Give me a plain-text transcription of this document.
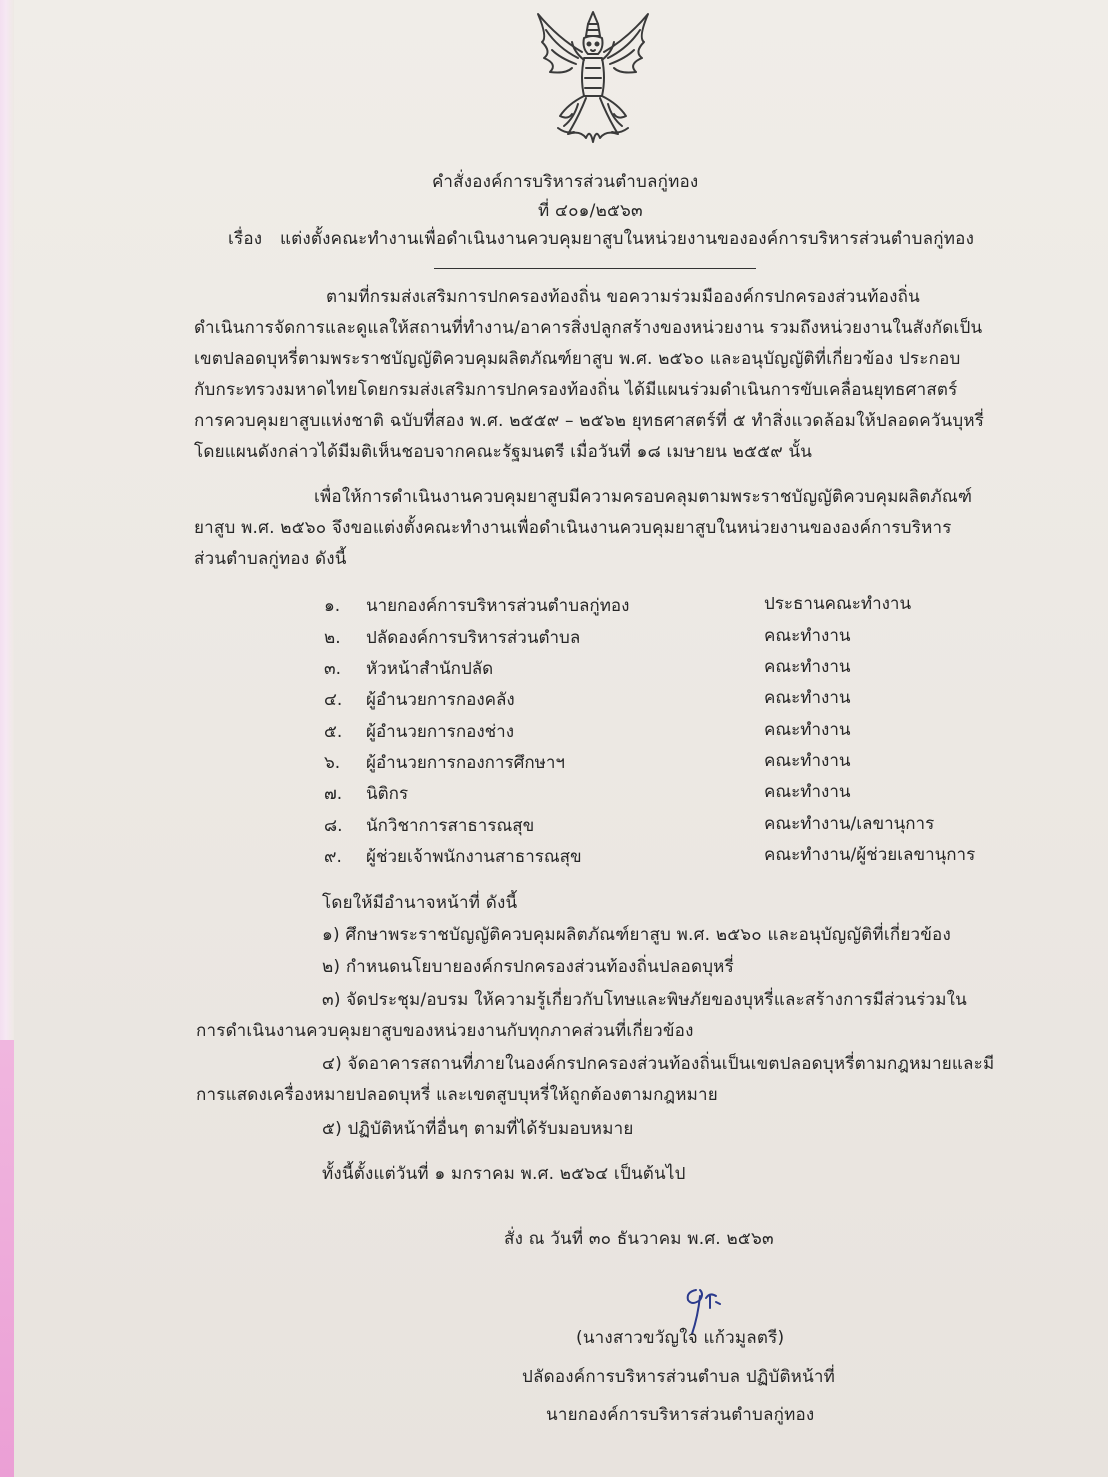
คำสั่งองค์การบริหารส่วนตำบลกู่ทอง
ที่ ๔๐๑/๒๕๖๓
เรื่อง แต่งตั้งคณะทำงานเพื่อดำเนินงานควบคุมยาสูบในหน่วยงานขององค์การบริหารส่วนตำบลกู่ทอง
ตามที่กรมส่งเสริมการปกครองท้องถิ่น ขอความร่วมมือองค์กรปกครองส่วนท้องถิ่น
ดำเนินการจัดการและดูแลให้สถานที่ทำงาน/อาคารสิ่งปลูกสร้างของหน่วยงาน รวมถึงหน่วยงานในสังกัดเป็น
เขตปลอดบุหรี่ตามพระราชบัญญัติควบคุมผลิตภัณฑ์ยาสูบ พ.ศ. ๒๕๖๐ และอนุบัญญัติที่เกี่ยวข้อง ประกอบ
กับกระทรวงมหาดไทยโดยกรมส่งเสริมการปกครองท้องถิ่น ได้มีแผนร่วมดำเนินการขับเคลื่อนยุทธศาสตร์
การควบคุมยาสูบแห่งชาติ ฉบับที่สอง พ.ศ. ๒๕๕๙ – ๒๕๖๒ ยุทธศาสตร์ที่ ๕ ทำสิ่งแวดล้อมให้ปลอดควันบุหรี่
โดยแผนดังกล่าวได้มีมติเห็นชอบจากคณะรัฐมนตรี เมื่อวันที่ ๑๘ เมษายน ๒๕๕๙ นั้น
เพื่อให้การดำเนินงานควบคุมยาสูบมีความครอบคลุมตามพระราชบัญญัติควบคุมผลิตภัณฑ์
ยาสูบ พ.ศ. ๒๕๖๐ จึงขอแต่งตั้งคณะทำงานเพื่อดำเนินงานควบคุมยาสูบในหน่วยงานขององค์การบริหาร
ส่วนตำบลกู่ทอง ดังนี้
๑. นายกองค์การบริหารส่วนตำบลกู่ทอง	ประธานคณะทำงาน
๒. ปลัดองค์การบริหารส่วนตำบล	คณะทำงาน
๓. หัวหน้าสำนักปลัด	คณะทำงาน
๔. ผู้อำนวยการกองคลัง	คณะทำงาน
๕. ผู้อำนวยการกองช่าง	คณะทำงาน
๖. ผู้อำนวยการกองการศึกษาฯ	คณะทำงาน
๗. นิติกร	คณะทำงาน
๘. นักวิชาการสาธารณสุข	คณะทำงาน/เลขานุการ
๙. ผู้ช่วยเจ้าพนักงานสาธารณสุข	คณะทำงาน/ผู้ช่วยเลขานุการ
โดยให้มีอำนาจหน้าที่ ดังนี้
๑) ศึกษาพระราชบัญญัติควบคุมผลิตภัณฑ์ยาสูบ พ.ศ. ๒๕๖๐ และอนุบัญญัติที่เกี่ยวข้อง
๒) กำหนดนโยบายองค์กรปกครองส่วนท้องถิ่นปลอดบุหรี่
๓) จัดประชุม/อบรม ให้ความรู้เกี่ยวกับโทษและพิษภัยของบุหรี่และสร้างการมีส่วนร่วมใน
การดำเนินงานควบคุมยาสูบของหน่วยงานกับทุกภาคส่วนที่เกี่ยวข้อง
๔) จัดอาคารสถานที่ภายในองค์กรปกครองส่วนท้องถิ่นเป็นเขตปลอดบุหรี่ตามกฎหมายและมี
การแสดงเครื่องหมายปลอดบุหรี่ และเขตสูบบุหรี่ให้ถูกต้องตามกฎหมาย
๕) ปฏิบัติหน้าที่อื่นๆ ตามที่ได้รับมอบหมาย
ทั้งนี้ตั้งแต่วันที่ ๑ มกราคม พ.ศ. ๒๕๖๔ เป็นต้นไป
สั่ง ณ วันที่ ๓๐ ธันวาคม พ.ศ. ๒๕๖๓
(นางสาวขวัญใจ แก้วมูลตรี)
ปลัดองค์การบริหารส่วนตำบล ปฏิบัติหน้าที่
นายกองค์การบริหารส่วนตำบลกู่ทอง
